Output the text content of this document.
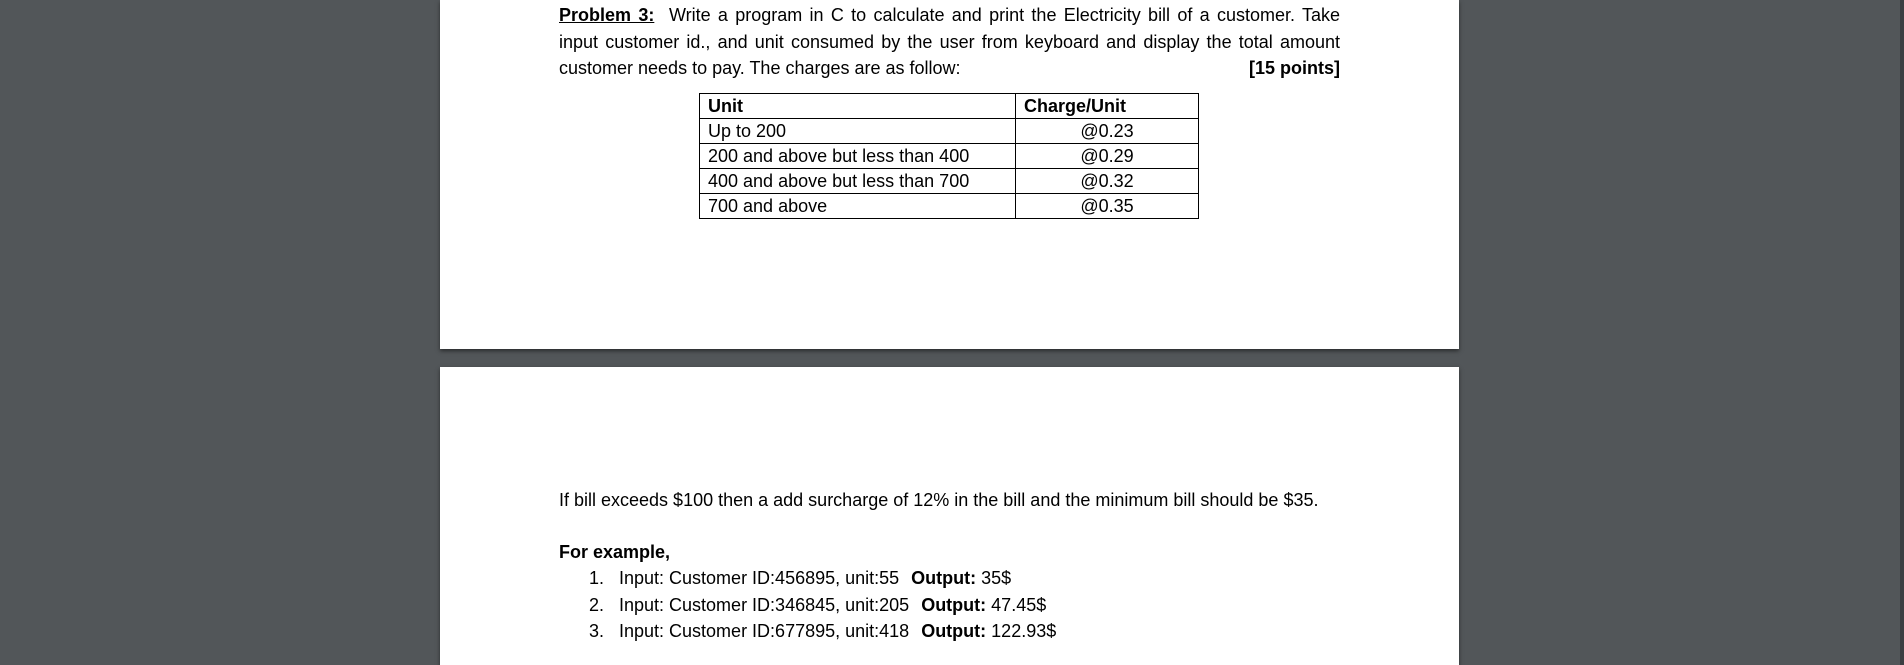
Problem 3: Write a program in C to calculate and print the Electricity bill of a customer. Take input customer id., and unit consumed by the user from keyboard and display the total amount customer needs to pay. The charges are as follow:	[15 points]
Unit	Charge/Unit
Up to 200	@0.23
200 and above but less than 400	@0.29
400 and above but less than 700	@0.32
700 and above	@0.35
If bill exceeds $100 then a add surcharge of 12% in the bill and the minimum bill should be $35.
For example,
1. Input: Customer ID:456895, unit:55 Output: 35$
2. Input: Customer ID:346845, unit:205 Output: 47.45$
3. Input: Customer ID:677895, unit:418 Output: 122.93$
